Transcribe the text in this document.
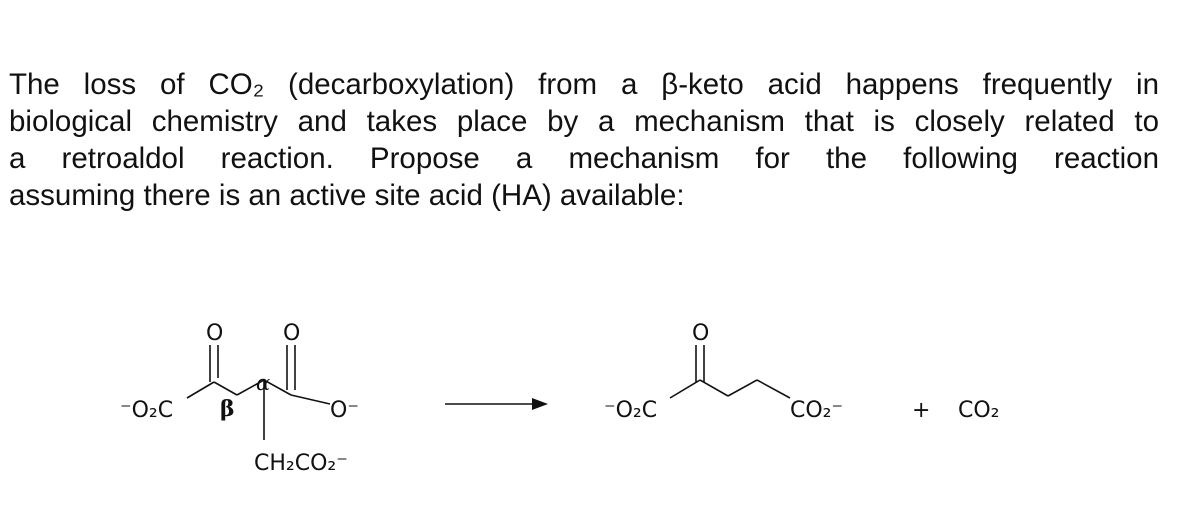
The loss of CO₂ (decarboxylation) from a β-keto acid happens frequently in
biological chemistry and takes place by a mechanism that is closely related to
a retroaldol reaction. Propose a mechanism for the following reaction
assuming there is an active site acid (HA) available:

⁻O₂C β
α
O	O
O⁻
CH₂CO₂⁻
⁻O₂C
O
CO₂⁻	+ CO₂
